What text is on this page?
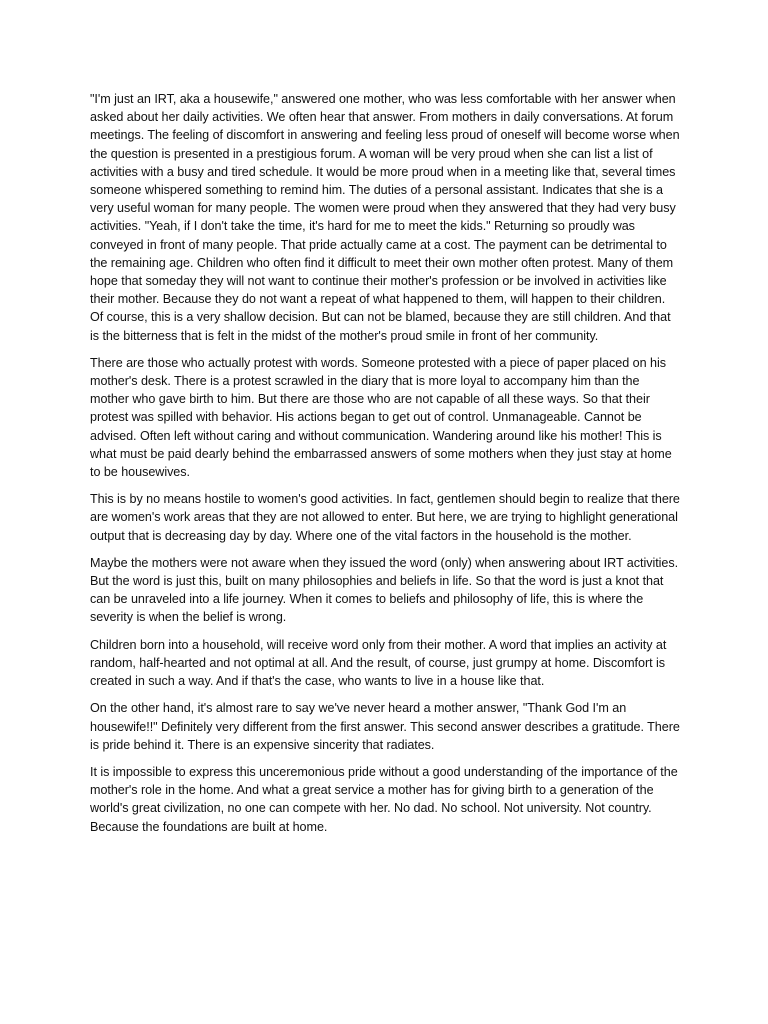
"I'm just an IRT, aka a housewife," answered one mother, who was less comfortable with her answer when asked about her daily activities. We often hear that answer. From mothers in daily conversations. At forum meetings. The feeling of discomfort in answering and feeling less proud of oneself will become worse when the question is presented in a prestigious forum. A woman will be very proud when she can list a list of activities with a busy and tired schedule. It would be more proud when in a meeting like that, several times someone whispered something to remind him. The duties of a personal assistant. Indicates that she is a very useful woman for many people. The women were proud when they answered that they had very busy activities. "Yeah, if I don't take the time, it's hard for me to meet the kids." Returning so proudly was conveyed in front of many people. That pride actually came at a cost. The payment can be detrimental to the remaining age. Children who often find it difficult to meet their own mother often protest. Many of them hope that someday they will not want to continue their mother's profession or be involved in activities like their mother. Because they do not want a repeat of what happened to them, will happen to their children. Of course, this is a very shallow decision. But can not be blamed, because they are still children. And that is the bitterness that is felt in the midst of the mother's proud smile in front of her community.

There are those who actually protest with words. Someone protested with a piece of paper placed on his mother's desk. There is a protest scrawled in the diary that is more loyal to accompany him than the mother who gave birth to him. But there are those who are not capable of all these ways. So that their protest was spilled with behavior. His actions began to get out of control. Unmanageable. Cannot be advised. Often left without caring and without communication. Wandering around like his mother! This is what must be paid dearly behind the embarrassed answers of some mothers when they just stay at home to be housewives.

This is by no means hostile to women's good activities. In fact, gentlemen should begin to realize that there are women's work areas that they are not allowed to enter. But here, we are trying to highlight generational output that is decreasing day by day. Where one of the vital factors in the household is the mother.

Maybe the mothers were not aware when they issued the word (only) when answering about IRT activities. But the word is just this, built on many philosophies and beliefs in life. So that the word is just a knot that can be unraveled into a life journey. When it comes to beliefs and philosophy of life, this is where the severity is when the belief is wrong.

Children born into a household, will receive word only from their mother. A word that implies an activity at random, half-hearted and not optimal at all. And the result, of course, just grumpy at home. Discomfort is created in such a way. And if that's the case, who wants to live in a house like that.

On the other hand, it's almost rare to say we've never heard a mother answer, "Thank God I'm an housewife!!" Definitely very different from the first answer. This second answer describes a gratitude. There is pride behind it. There is an expensive sincerity that radiates.

It is impossible to express this unceremonious pride without a good understanding of the importance of the mother's role in the home. And what a great service a mother has for giving birth to a generation of the world's great civilization, no one can compete with her. No dad. No school. Not university. Not country. Because the foundations are built at home.
